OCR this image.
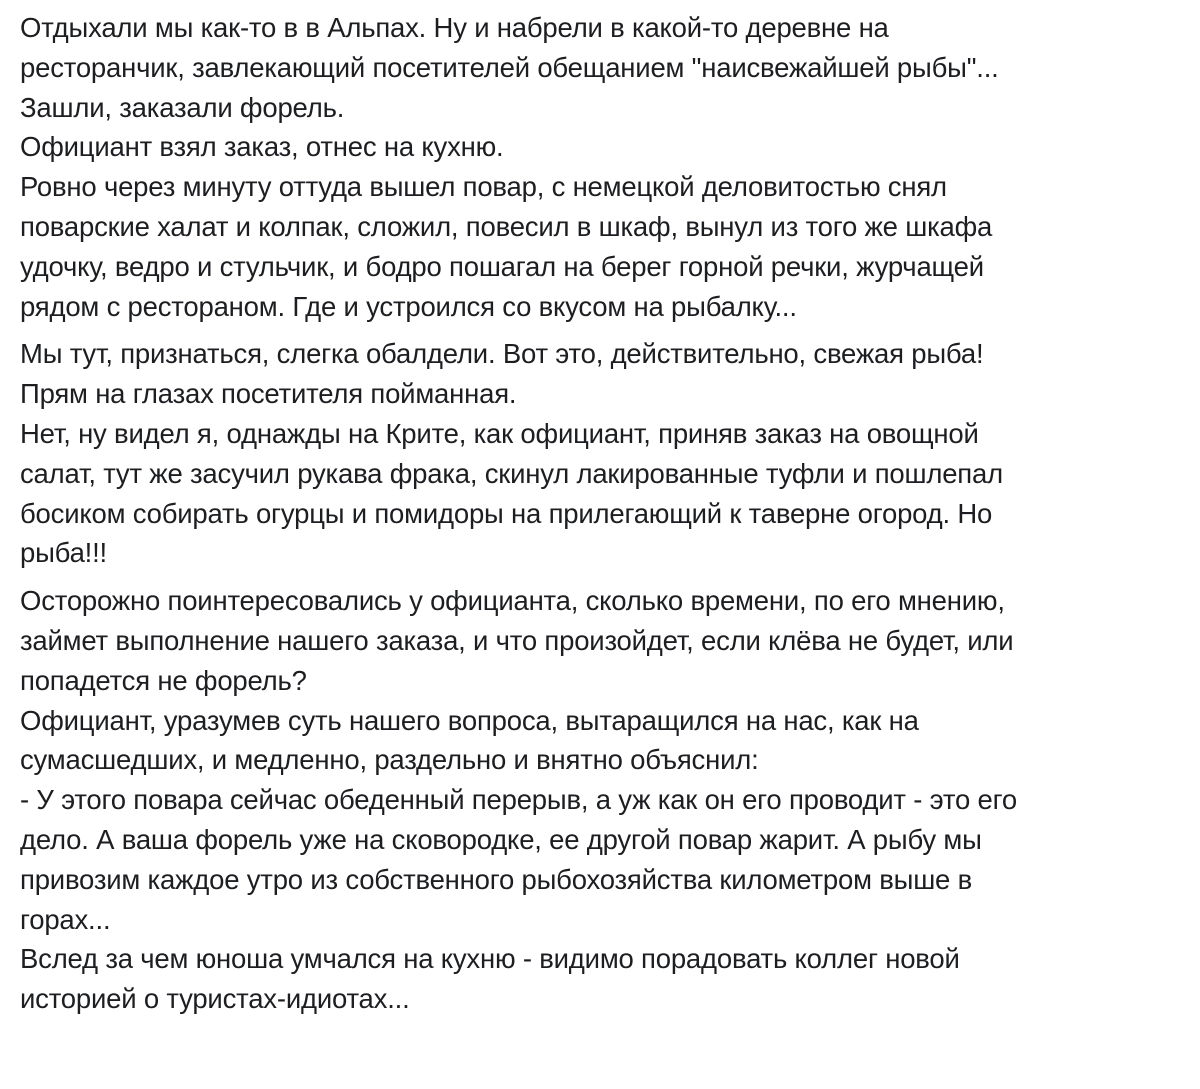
Отдыхали мы как-то в в Альпах. Ну и набрели в какой-то деревне на
ресторанчик, завлекающий посетителей обещанием "наисвежайшей рыбы"...
Зашли, заказали форель.
Официант взял заказ, отнес на кухню.
Ровно через минуту оттуда вышел повар, с немецкой деловитостью снял
поварские халат и колпак, сложил, повесил в шкаф, вынул из того же шкафа
удочку, ведро и стульчик, и бодро пошагал на берег горной речки, журчащей
рядом с рестораном. Где и устроился со вкусом на рыбалку...

Мы тут, признаться, слегка обалдели. Вот это, действительно, свежая рыба!
Прям на глазах посетителя пойманная.
Нет, ну видел я, однажды на Крите, как официант, приняв заказ на овощной
салат, тут же засучил рукава фрака, скинул лакированные туфли и пошлепал
босиком собирать огурцы и помидоры на прилегающий к таверне огород. Но
рыба!!!

Осторожно поинтересовались у официанта, сколько времени, по его мнению,
займет выполнение нашего заказа, и что произойдет, если клёва не будет, или
попадется не форель?
Официант, уразумев суть нашего вопроса, вытаращился на нас, как на
сумасшедших, и медленно, раздельно и внятно объяснил:
- У этого повара сейчас обеденный перерыв, а уж как он его проводит - это его
дело. А ваша форель уже на сковородке, ее другой повар жарит. А рыбу мы
привозим каждое утро из собственного рыбохозяйства километром выше в
горах...
Вслед за чем юноша умчался на кухню - видимо порадовать коллег новой
историей о туристах-идиотах...
